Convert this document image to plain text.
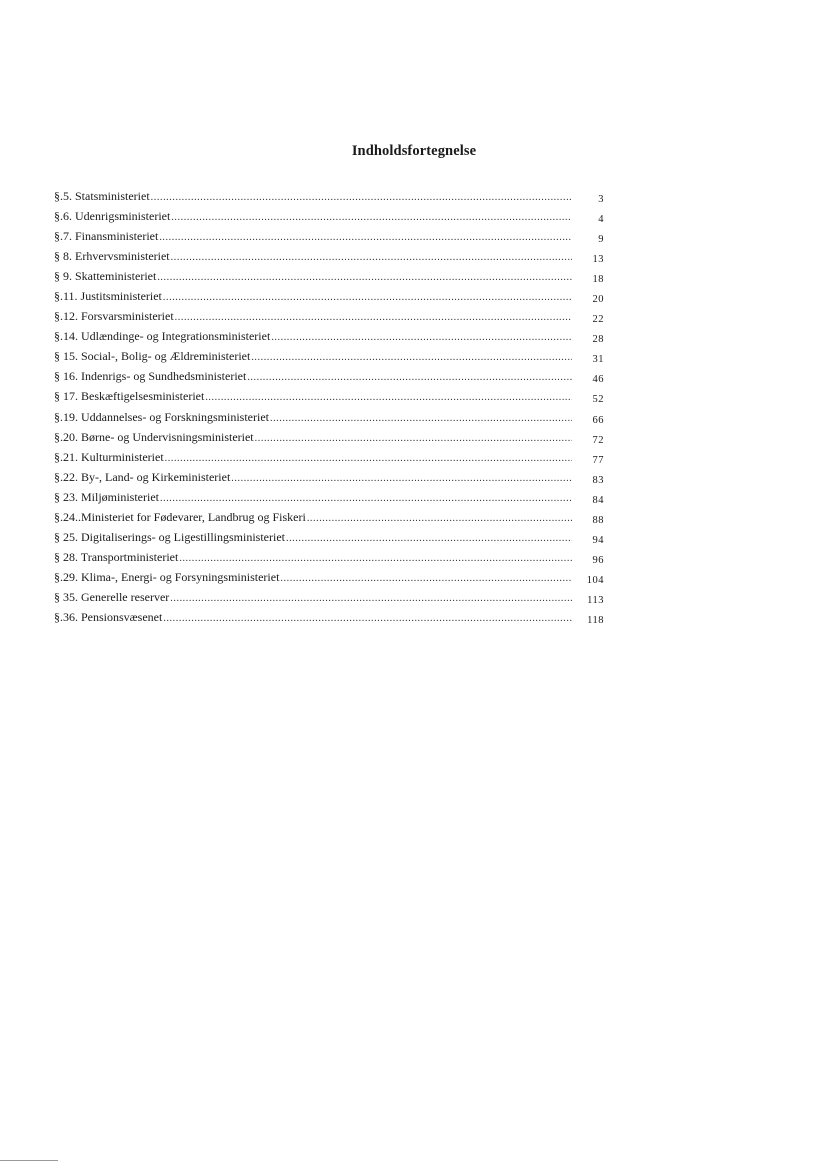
Indholdsfortegnelse
§.5. Statsministeriet .....	3
§.6. Udenrigsministeriet .....	4
§.7. Finansministeriet .....	9
§ 8. Erhvervsministeriet .....	13
§ 9. Skatteministeriet .....	18
§.11. Justitsministeriet .....	20
§.12. Forsvarsministeriet .....	22
§.14. Udlændinge- og Integrationsministeriet .....	28
§ 15. Social-, Bolig- og Ældreministeriet .....	31
§ 16. Indenrigs- og Sundhedsministeriet .....	46
§ 17. Beskæftigelsesministeriet .....	52
§.19. Uddannelses- og Forskningsministeriet .....	66
§.20. Børne- og Undervisningsministeriet .....	72
§.21. Kulturministeriet .....	77
§.22. By-, Land- og Kirkeministeriet .....	83
§ 23. Miljøministeriet .....	84
§.24..Ministeriet for Fødevarer, Landbrug og Fiskeri .....	88
§ 25. Digitaliserings- og Ligestillingsministeriet .....	94
§ 28. Transportministeriet .....	96
§.29. Klima-, Energi- og Forsyningsministeriet .....	104
§ 35. Generelle reserver .....	113
§.36. Pensionsvæsenet .....	118
